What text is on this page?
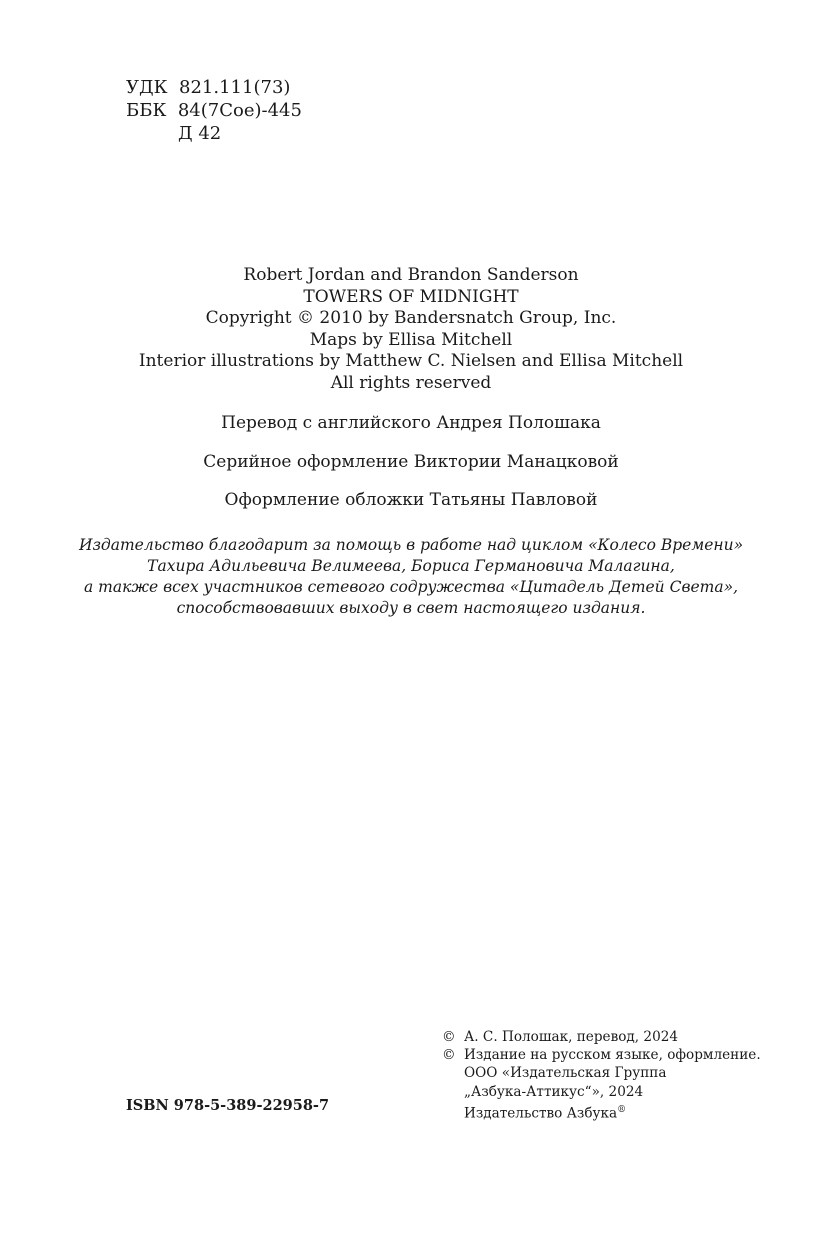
УДК 821.111(73)
ББК 84(7Сое)-445
Д 42
Robert Jordan and Brandon Sanderson
TOWERS OF MIDNIGHT
Copyright © 2010 by Bandersnatch Group, Inc.
Maps by Ellisa Mitchell
Interior illustrations by Matthew C. Nielsen and Ellisa Mitchell
All rights reserved
Перевод с английского Андрея Полошака
Серийное оформление Виктории Манацковой
Оформление обложки Татьяны Павловой
Издательство благодарит за помощь в работе над циклом «Колесо Времени»
Тахира Адильевича Велимеева, Бориса Германовича Малагина,
а также всех участников сетевого содружества «Цитадель Детей Света»,
способствовавших выходу в свет настоящего издания.
© А. С. Полошак, перевод, 2024
© Издание на русском языке, оформление.
ООО «Издательская Группа
„Азбука-Аттикус“», 2024
Издательство Азбука®
ISBN 978-5-389-22958-7
